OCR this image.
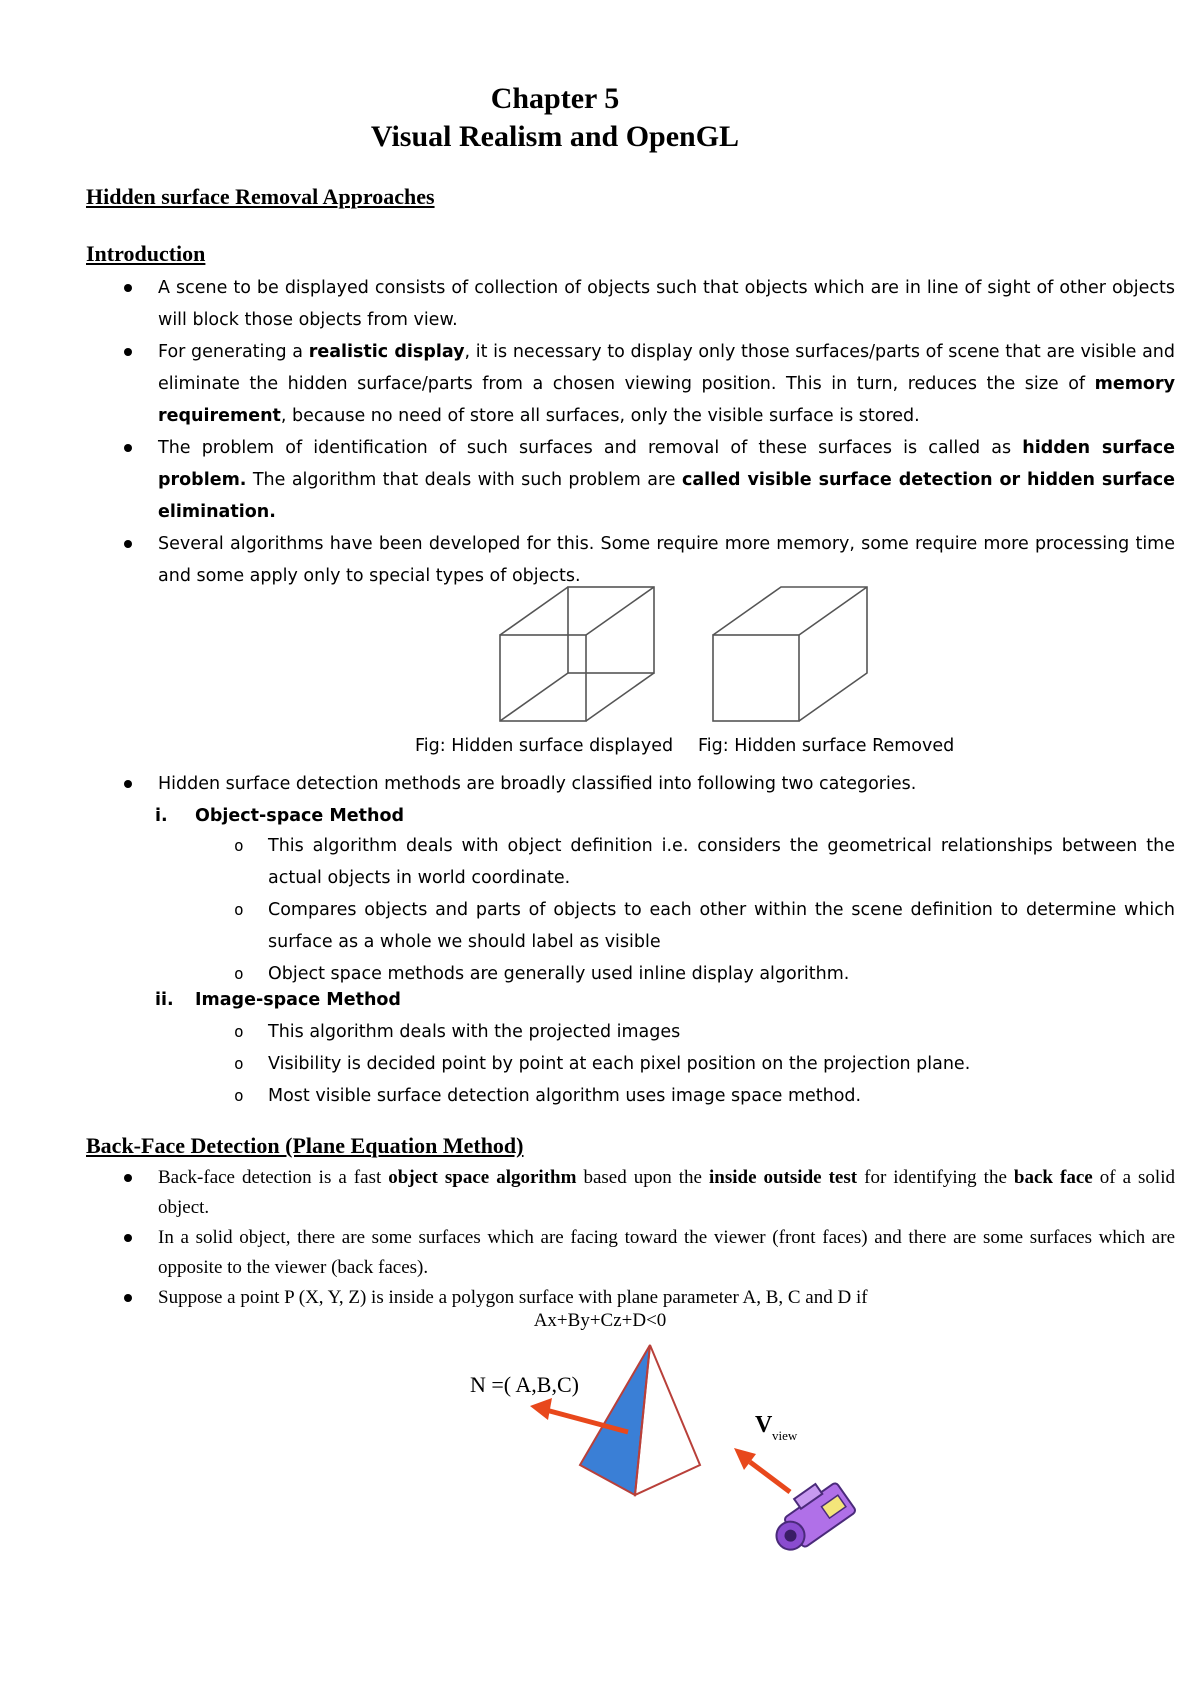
Chapter 5
Visual Realism and OpenGL
Hidden surface Removal Approaches
Introduction
A scene to be displayed consists of collection of objects such that objects which are in line of sight of other objects will block those objects from view.
For generating a realistic display, it is necessary to display only those surfaces/parts of scene that are visible and eliminate the hidden surface/parts from a chosen viewing position. This in turn, reduces the size of memory requirement, because no need of store all surfaces, only the visible surface is stored.
The problem of identification of such surfaces and removal of these surfaces is called as hidden surface problem. The algorithm that deals with such problem are called visible surface detection or hidden surface elimination.
Several algorithms have been developed for this. Some require more memory, some require more processing time and some apply only to special types of objects.
Fig: Hidden surface displayed Fig: Hidden surface Removed
Hidden surface detection methods are broadly classified into following two categories.
i. Object-space Method
o This algorithm deals with object definition i.e. considers the geometrical relationships between the actual objects in world coordinate.
o Compares objects and parts of objects to each other within the scene definition to determine which surface as a whole we should label as visible
o Object space methods are generally used inline display algorithm.
ii. Image-space Method
o This algorithm deals with the projected images
o Visibility is decided point by point at each pixel position on the projection plane.
o Most visible surface detection algorithm uses image space method.
Back-Face Detection (Plane Equation Method)
Back-face detection is a fast object space algorithm based upon the inside outside test for identifying the back face of a solid object.
In a solid object, there are some surfaces which are facing toward the viewer (front faces) and there are some surfaces which are opposite to the viewer (back faces).
Suppose a point P (X, Y, Z) is inside a polygon surface with plane parameter A, B, C and D if
Ax+By+Cz+D<0
N =( A,B,C)
V view
